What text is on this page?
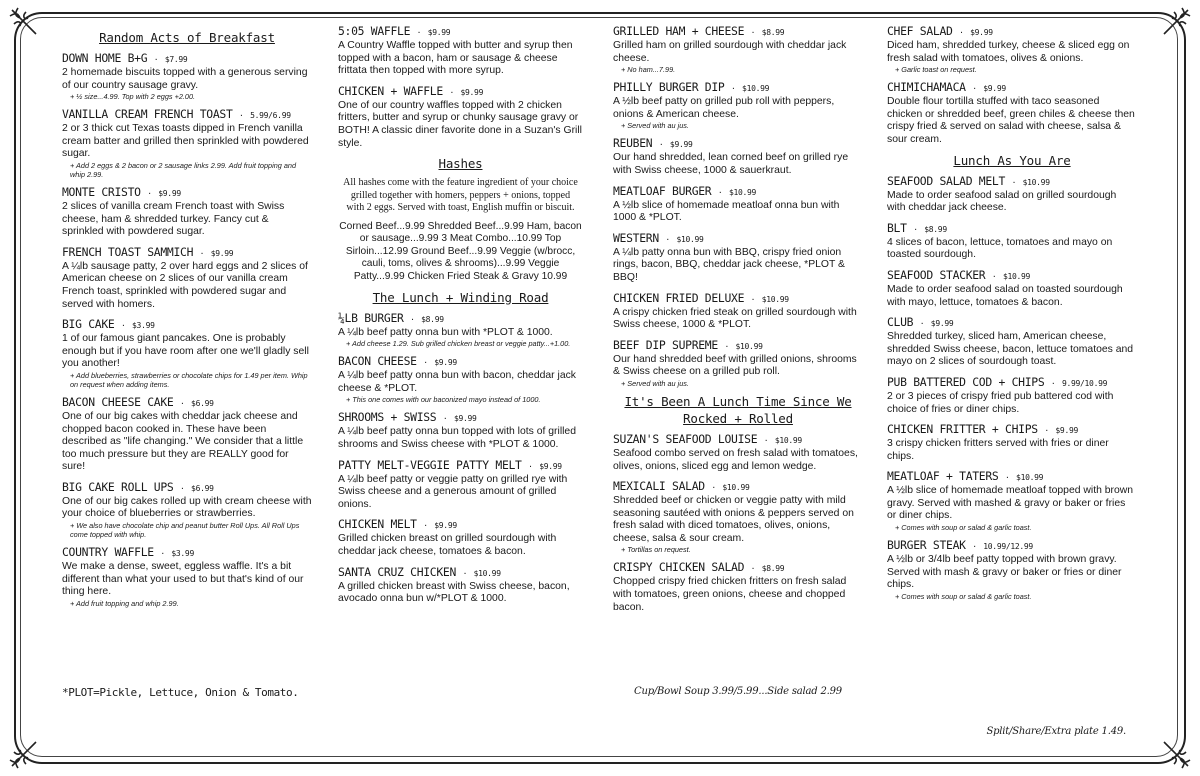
Random Acts of Breakfast
DOWN HOME B+G · $7.99
2 homemade biscuits topped with a generous serving of our country sausage gravy.
+ ½ size...4.99. Top with 2 eggs +2.00.
VANILLA CREAM FRENCH TOAST · 5.99/6.99
2 or 3 thick cut Texas toasts dipped in French vanilla cream batter and grilled then sprinkled with powdered sugar.
+ Add 2 eggs & 2 bacon or 2 sausage links 2.99. Add fruit topping and whip 2.99.
MONTE CRISTO · $9.99
2 slices of vanilla cream French toast with Swiss cheese, ham & shredded turkey. Fancy cut & sprinkled with powdered sugar.
FRENCH TOAST SAMMICH · $9.99
A ¼lb sausage patty, 2 over hard eggs and 2 slices of American cheese on 2 slices of our vanilla cream French toast, sprinkled with powdered sugar and served with homers.
BIG CAKE · $3.99
1 of our famous giant pancakes. One is probably enough but if you have room after one we'll gladly sell you another!
+ Add blueberries, strawberries or chocolate chips for 1.49 per item. Whip on request when adding items.
BACON CHEESE CAKE · $6.99
One of our big cakes with cheddar jack cheese and chopped bacon cooked in. These have been described as "life changing." We consider that a little too much pressure but they are REALLY good for sure!
BIG CAKE ROLL UPS · $6.99
One of our big cakes rolled up with cream cheese with your choice of blueberries or strawberries.
+ We also have chocolate chip and peanut butter Roll Ups. All Roll Ups come topped with whip.
COUNTRY WAFFLE · $3.99
We make a dense, sweet, eggless waffle. It's a bit different than what your used to but that's kind of our thing here.
+ Add fruit topping and whip 2.99.
*PLOT=Pickle, Lettuce, Onion & Tomato.
5:05 WAFFLE · $9.99
A Country Waffle topped with butter and syrup then topped with a bacon, ham or sausage & cheese frittata then topped with more syrup.
CHICKEN + WAFFLE · $9.99
One of our country waffles topped with 2 chicken fritters, butter and syrup or chunky sausage gravy or BOTH! A classic diner favorite done in a Suzan's Grill style.
Hashes
All hashes come with the feature ingredient of your choice grilled together with homers, peppers + onions, topped with 2 eggs. Served with toast, English muffin or biscuit.
Corned Beef...9.99 Shredded Beef...9.99 Ham, bacon or sausage...9.99 3 Meat Combo...10.99 Top Sirloin...12.99 Ground Beef...9.99 Veggie (w/brocc, cauli, toms, olives & shrooms)...9.99 Veggie Patty...9.99 Chicken Fried Steak & Gravy 10.99
The Lunch + Winding Road
¼LB BURGER · $8.99
A ¼lb beef patty onna bun with *PLOT & 1000.
+ Add cheese 1.29. Sub grilled chicken breast or veggie patty...+1.00.
BACON CHEESE · $9.99
A ¼lb beef patty onna bun with bacon, cheddar jack cheese & *PLOT.
+ This one comes with our baconized mayo instead of 1000.
SHROOMS + SWISS · $9.99
A ¼lb beef patty onna bun topped with lots of grilled shrooms and Swiss cheese with *PLOT & 1000.
PATTY MELT-VEGGIE PATTY MELT · $9.99
A ¼lb beef patty or veggie patty on grilled rye with Swiss cheese and a generous amount of grilled onions.
CHICKEN MELT · $9.99
Grilled chicken breast on grilled sourdough with cheddar jack cheese, tomatoes & bacon.
SANTA CRUZ CHICKEN · $10.99
A grilled chicken breast with Swiss cheese, bacon, avocado onna bun w/*PLOT & 1000.
GRILLED HAM + CHEESE · $8.99
Grilled ham on grilled sourdough with cheddar jack cheese.
+ No ham...7.99.
PHILLY BURGER DIP · $10.99
A ½lb beef patty on grilled pub roll with peppers, onions & American cheese.
+ Served with au jus.
REUBEN · $9.99
Our hand shredded, lean corned beef on grilled rye with Swiss cheese, 1000 & sauerkraut.
MEATLOAF BURGER · $10.99
A ½lb slice of homemade meatloaf onna bun with 1000 & *PLOT.
WESTERN · $10.99
A ¼lb patty onna bun with BBQ, crispy fried onion rings, bacon, BBQ, cheddar jack cheese, *PLOT & BBQ!
CHICKEN FRIED DELUXE · $10.99
A crispy chicken fried steak on grilled sourdough with Swiss cheese, 1000 & *PLOT.
BEEF DIP SUPREME · $10.99
Our hand shredded beef with grilled onions, shrooms & Swiss cheese on a grilled pub roll.
+ Served with au jus.
It's Been A Lunch Time Since We
Rocked + Rolled
SUZAN'S SEAFOOD LOUISE · $10.99
Seafood combo served on fresh salad with tomatoes, olives, onions, sliced egg and lemon wedge.
MEXICALI SALAD · $10.99
Shredded beef or chicken or veggie patty with mild seasoning sautéed with onions & peppers served on fresh salad with diced tomatoes, olives, onions, cheese, salsa & sour cream.
+ Tortillas on request.
CRISPY CHICKEN SALAD · $8.99
Chopped crispy fried chicken fritters on fresh salad with tomatoes, green onions, cheese and chopped bacon.
Cup/Bowl Soup 3.99/5.99...Side salad 2.99
CHEF SALAD · $9.99
Diced ham, shredded turkey, cheese & sliced egg on fresh salad with tomatoes, olives & onions.
+ Garlic toast on request.
CHIMICHAMACA · $9.99
Double flour tortilla stuffed with taco seasoned chicken or shredded beef, green chiles & cheese then crispy fried & served on salad with cheese, salsa & sour cream.
Lunch As You Are
SEAFOOD SALAD MELT · $10.99
Made to order seafood salad on grilled sourdough with cheddar jack cheese.
BLT · $8.99
4 slices of bacon, lettuce, tomatoes and mayo on toasted sourdough.
SEAFOOD STACKER · $10.99
Made to order seafood salad on toasted sourdough with mayo, lettuce, tomatoes & bacon.
CLUB · $9.99
Shredded turkey, sliced ham, American cheese, shredded Swiss cheese, bacon, lettuce tomatoes and mayo on 2 slices of sourdough toast.
PUB BATTERED COD + CHIPS · 9.99/10.99
2 or 3 pieces of crispy fried pub battered cod with choice of fries or diner chips.
CHICKEN FRITTER + CHIPS · $9.99
3 crispy chicken fritters served with fries or diner chips.
MEATLOAF + TATERS · $10.99
A ½lb slice of homemade meatloaf topped with brown gravy. Served with mashed & gravy or baker or fries or diner chips.
+ Comes with soup or salad & garlic toast.
BURGER STEAK · 10.99/12.99
A ½lb or 3/4lb beef patty topped with brown gravy. Served with mash & gravy or baker or fries or diner chips.
+ Comes with soup or salad & garlic toast.
Split/Share/Extra plate 1.49.
